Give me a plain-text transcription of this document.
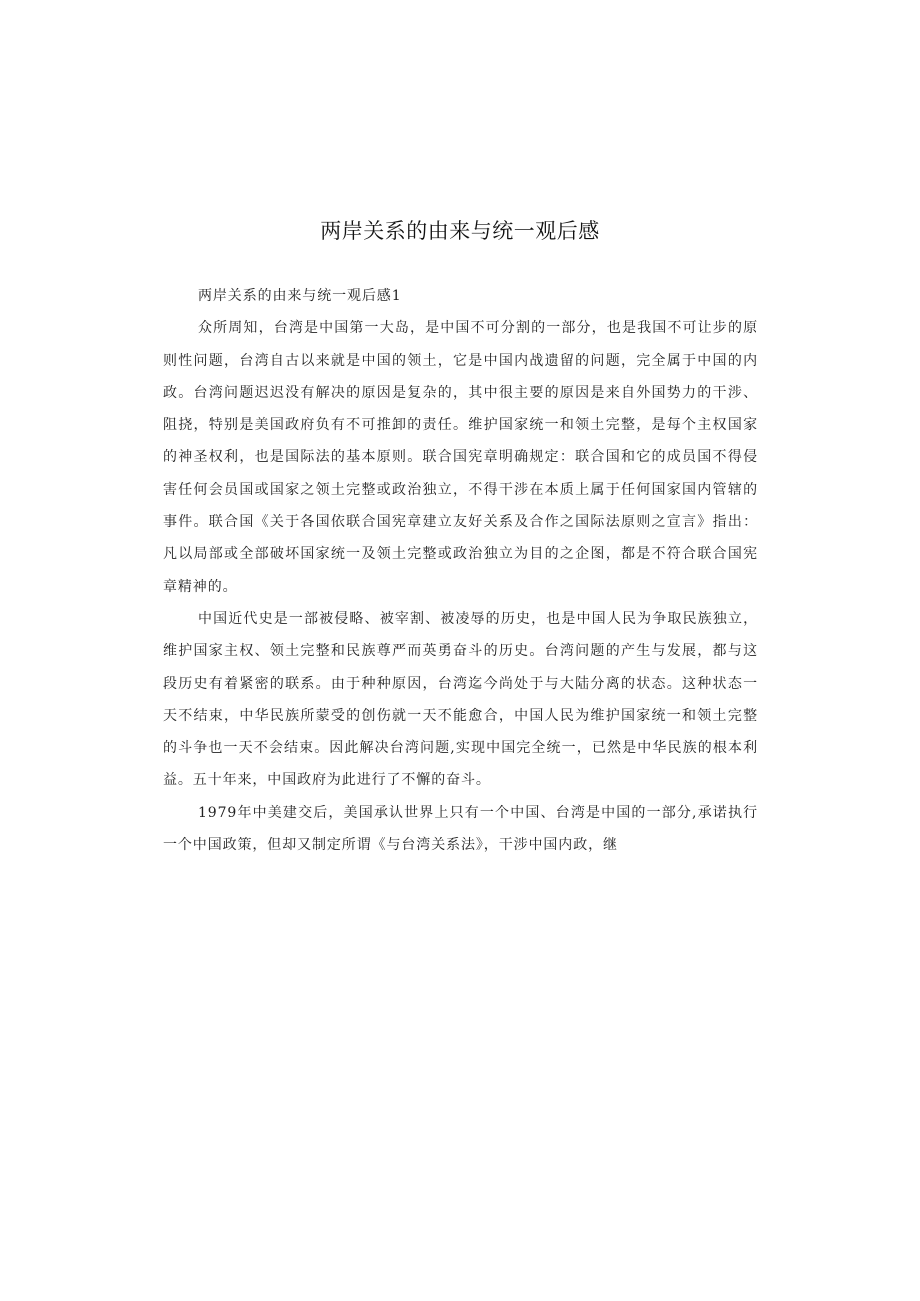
两岸关系的由来与统一观后感

两岸关系的由来与统一观后感1

众所周知，台湾是中国第一大岛，是中国不可分割的一部分，也是我国不可让步的原则性问题，台湾自古以来就是中国的领土，它是中国内战遗留的问题，完全属于中国的内政。台湾问题迟迟没有解决的原因是复杂的，其中很主要的原因是来自外国势力的干涉、阻挠，特别是美国政府负有不可推卸的责任。维护国家统一和领土完整，是每个主权国家的神圣权利，也是国际法的基本原则。联合国宪章明确规定：联合国和它的成员国不得侵害任何会员国或国家之领土完整或政治独立，不得干涉在本质上属于任何国家国内管辖的事件。联合国《关于各国依联合国宪章建立友好关系及合作之国际法原则之宣言》指出：凡以局部或全部破坏国家统一及领土完整或政治独立为目的之企图，都是不符合联合国宪章精神的。

中国近代史是一部被侵略、被宰割、被凌辱的历史，也是中国人民为争取民族独立，维护国家主权、领土完整和民族尊严而英勇奋斗的历史。台湾问题的产生与发展，都与这段历史有着紧密的联系。由于种种原因，台湾迄今尚处于与大陆分离的状态。这种状态一天不结束，中华民族所蒙受的创伤就一天不能愈合，中国人民为维护国家统一和领土完整的斗争也一天不会结束。因此解决台湾问题,实现中国完全统一，已然是中华民族的根本利益。五十年来，中国政府为此进行了不懈的奋斗。

1979年中美建交后，美国承认世界上只有一个中国、台湾是中国的一部分,承诺执行一个中国政策，但却又制定所谓《与台湾关系法》，干涉中国内政，继
